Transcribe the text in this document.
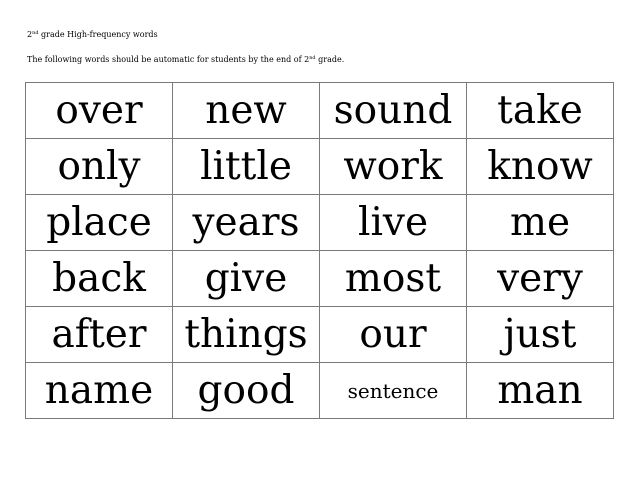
2nd grade High-frequency words
The following words should be automatic for students by the end of 2nd grade.
over	new	sound	take
only	little	work	know
place	years	live	me
back	give	most	very
after	things	our	just
name	good	sentence	man
